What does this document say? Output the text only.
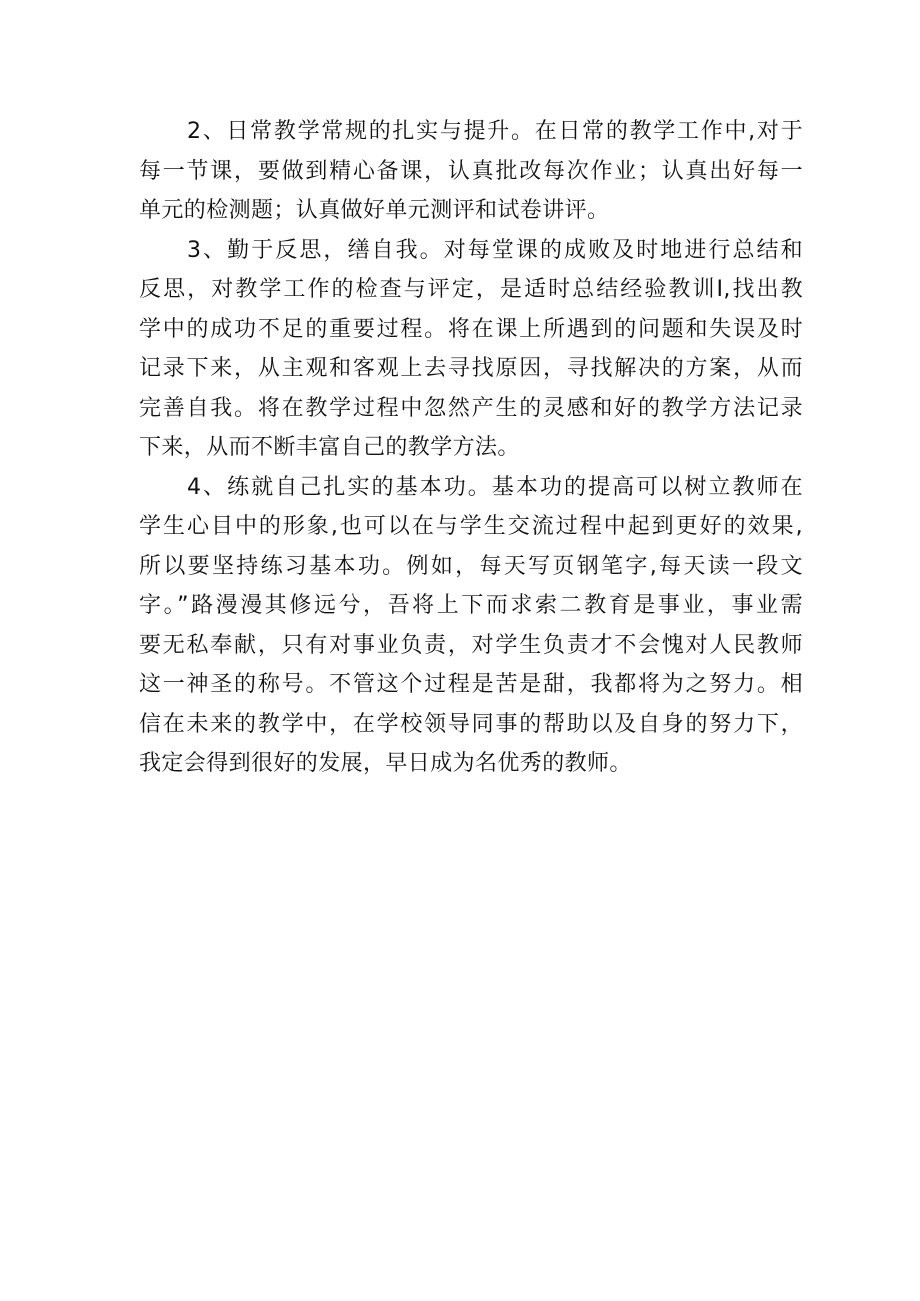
2、日常教学常规的扎实与提升。在日常的教学工作中,对于
每一节课，要做到精心备课，认真批改每次作业；认真出好每一
单元的检测题；认真做好单元测评和试卷讲评。
3、勤于反思，缮自我。对每堂课的成败及时地进行总结和
反思，对教学工作的检查与评定，是适时总结经验教训I,找出教
学中的成功不足的重要过程。将在课上所遇到的问题和失误及时
记录下来，从主观和客观上去寻找原因，寻找解决的方案，从而
完善自我。将在教学过程中忽然产生的灵感和好的教学方法记录
下来，从而不断丰富自己的教学方法。
4、练就自己扎实的基本功。基本功的提高可以树立教师在
学生心目中的形象,也可以在与学生交流过程中起到更好的效果,
所以要坚持练习基本功。例如，每天写页钢笔字,每天读一段文
字。”路漫漫其修远兮，吾将上下而求索二教育是事业，事业需
要无私奉献，只有对事业负责，对学生负责才不会愧对人民教师
这一神圣的称号。不管这个过程是苦是甜，我都将为之努力。相
信在未来的教学中，在学校领导同事的帮助以及自身的努力下，
我定会得到很好的发展，早日成为名优秀的教师。
